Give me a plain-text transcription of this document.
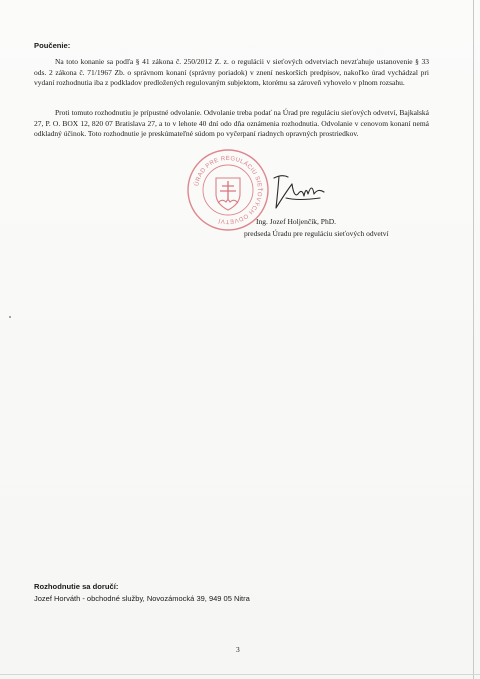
Poučenie:
Na toto konanie sa podľa § 41 zákona č. 250/2012 Z. z. o regulácii v sieťových odvetviach nevzťahuje ustanovenie § 33 ods. 2 zákona č. 71/1967 Zb. o správnom konaní (správny poriadok) v znení neskorších predpisov, nakoľko úrad vychádzal pri vydaní rozhodnutia iba z podkladov predložených regulovaným subjektom, ktorému sa zároveň vyhovelo v plnom rozsahu.
Proti tomuto rozhodnutiu je prípustné odvolanie. Odvolanie treba podať na Úrad pre reguláciu sieťových odvetví, Bajkalská 27, P. O. BOX 12, 820 07 Bratislava 27, a to v lehote 40 dní odo dňa oznámenia rozhodnutia. Odvolanie v cenovom konaní nemá odkladný účinok. Toto rozhodnutie je preskúmateľné súdom po vyčerpaní riadnych opravných prostriedkov.
ÚRAD PRE REGULÁCIU SIEŤOVÝCH ODVETVÍ	Ing. Jozef Holjenčík, PhD.
predseda Úradu pre reguláciu sieťových odvetví
Rozhodnutie sa doručí:
Jozef Horváth - obchodné služby, Novozámocká 39, 949 05 Nitra
3
